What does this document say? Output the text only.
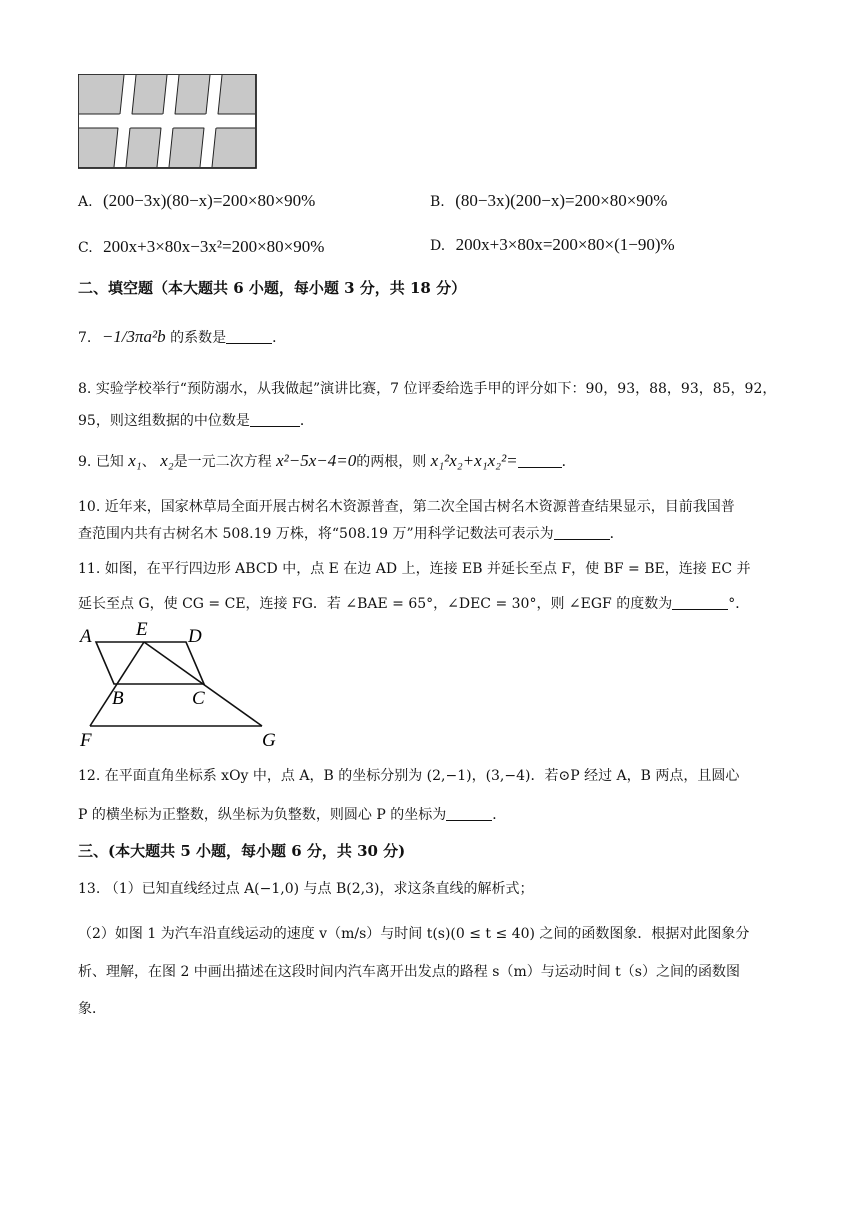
A. (200−3x)(80−x)=200×80×90%	B. (80−3x)(200−x)=200×80×90%
C. 200x+3×80x−3x²=200×80×90%	D. 200x+3×80x=200×80×(1−90)%
二、填空题（本大题共 6 小题，每小题 3 分，共 18 分）
7. −1/3πa²b 的系数是	．
8. 实验学校举行“预防溺水，从我做起”演讲比赛，7 位评委给选手甲的评分如下：90，93，88，93，85，92，
95，则这组数据的中位数是	．
9. 已知 x₁、 x₂是一元二次方程 x²−5x−4=0的两根，则 x₁²x₂+x₁x₂²=	．
10. 近年来，国家林草局全面开展古树名木资源普查，第二次全国古树名木资源普查结果显示，目前我国普
查范围内共有古树名木 508.19 万株，将“508.19 万”用科学记数法可表示为	．
11. 如图，在平行四边形 ABCD 中，点 E 在边 AD 上，连接 EB 并延长至点 F，使 BF = BE，连接 EC 并
延长至点 G，使 CG = CE，连接 FG．若 ∠BAE = 65°，∠DEC = 30°，则 ∠EGF 的度数为	°．
A E D
B	C
F	G
12. 在平面直角坐标系 xOy 中，点 A，B 的坐标分别为 (2,−1)，(3,−4)．若⊙P 经过 A，B 两点，且圆心
P 的横坐标为正整数，纵坐标为负整数，则圆心 P 的坐标为	．
三、(本大题共 5 小题，每小题 6 分，共 30 分)
13. （1）已知直线经过点 A(−1,0) 与点 B(2,3)，求这条直线的解析式；
（2）如图 1 为汽车沿直线运动的速度 v（m/s）与时间 t(s)(0 ≤ t ≤ 40) 之间的函数图象．根据对此图象分
析、理解，在图 2 中画出描述在这段时间内汽车离开出发点的路程 s（m）与运动时间 t（s）之间的函数图
象．
